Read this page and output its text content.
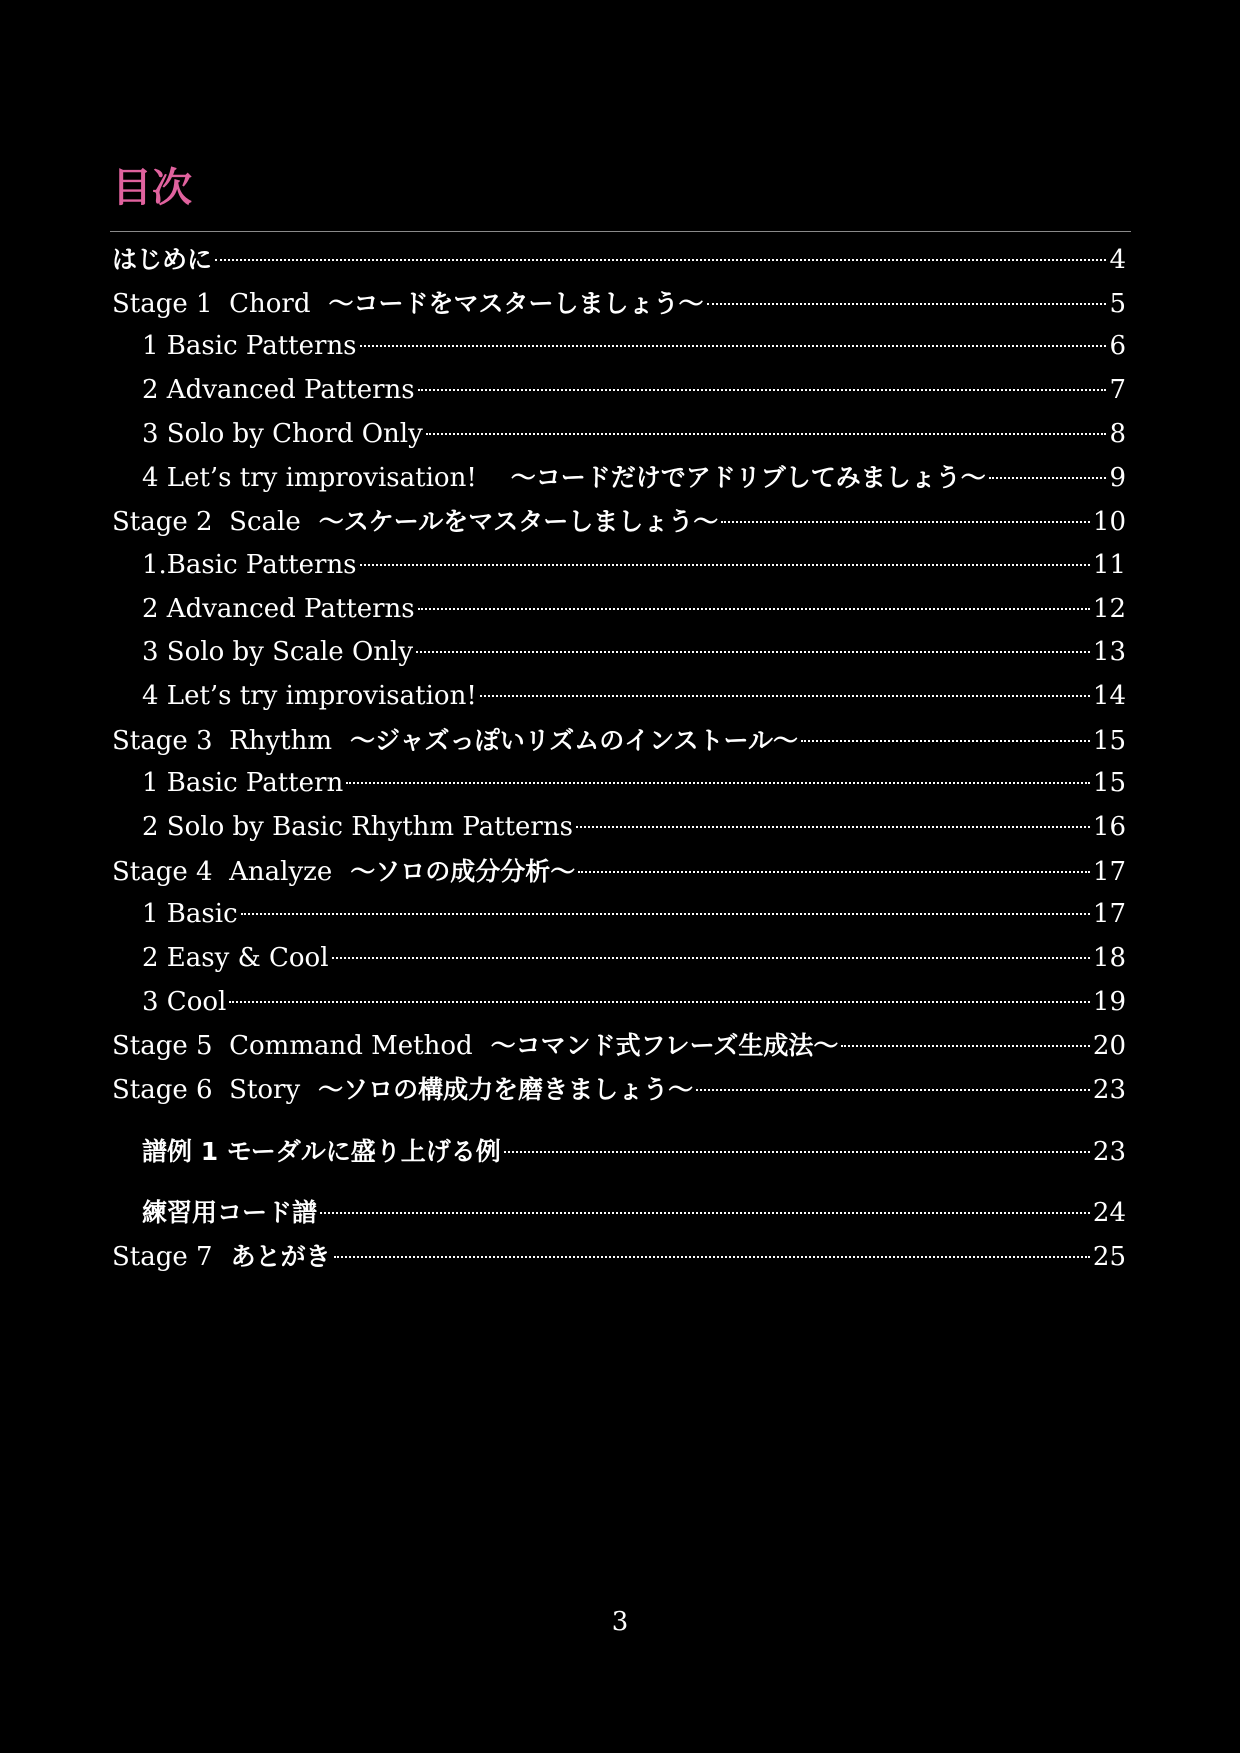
目次
はじめに	4
Stage 1  Chord 〜コードをマスターしましょう〜	5
1 Basic Patterns	6
2 Advanced Patterns	7
3 Solo by Chord Only	8
4 Let’s try improvisation! 〜コードだけでアドリブしてみましょう〜	9
Stage 2  Scale 〜スケールをマスターしましょう〜	10
1.Basic Patterns	11
2 Advanced Patterns	12
3 Solo by Scale Only	13
4 Let’s try improvisation!	14
Stage 3  Rhythm 〜ジャズっぽいリズムのインストール〜	15
1 Basic Pattern	15
2 Solo by Basic Rhythm Patterns	16
Stage 4  Analyze 〜ソロの成分分析〜	17
1 Basic	17
2 Easy & Cool	18
3 Cool	19
Stage 5  Command Method 〜コマンド式フレーズ生成法〜	20
Stage 6  Story 〜ソロの構成力を磨きましょう〜	23
譜例 1 モーダルに盛り上げる例	23
練習用コード譜	24
Stage 7 あとがき	25
3
